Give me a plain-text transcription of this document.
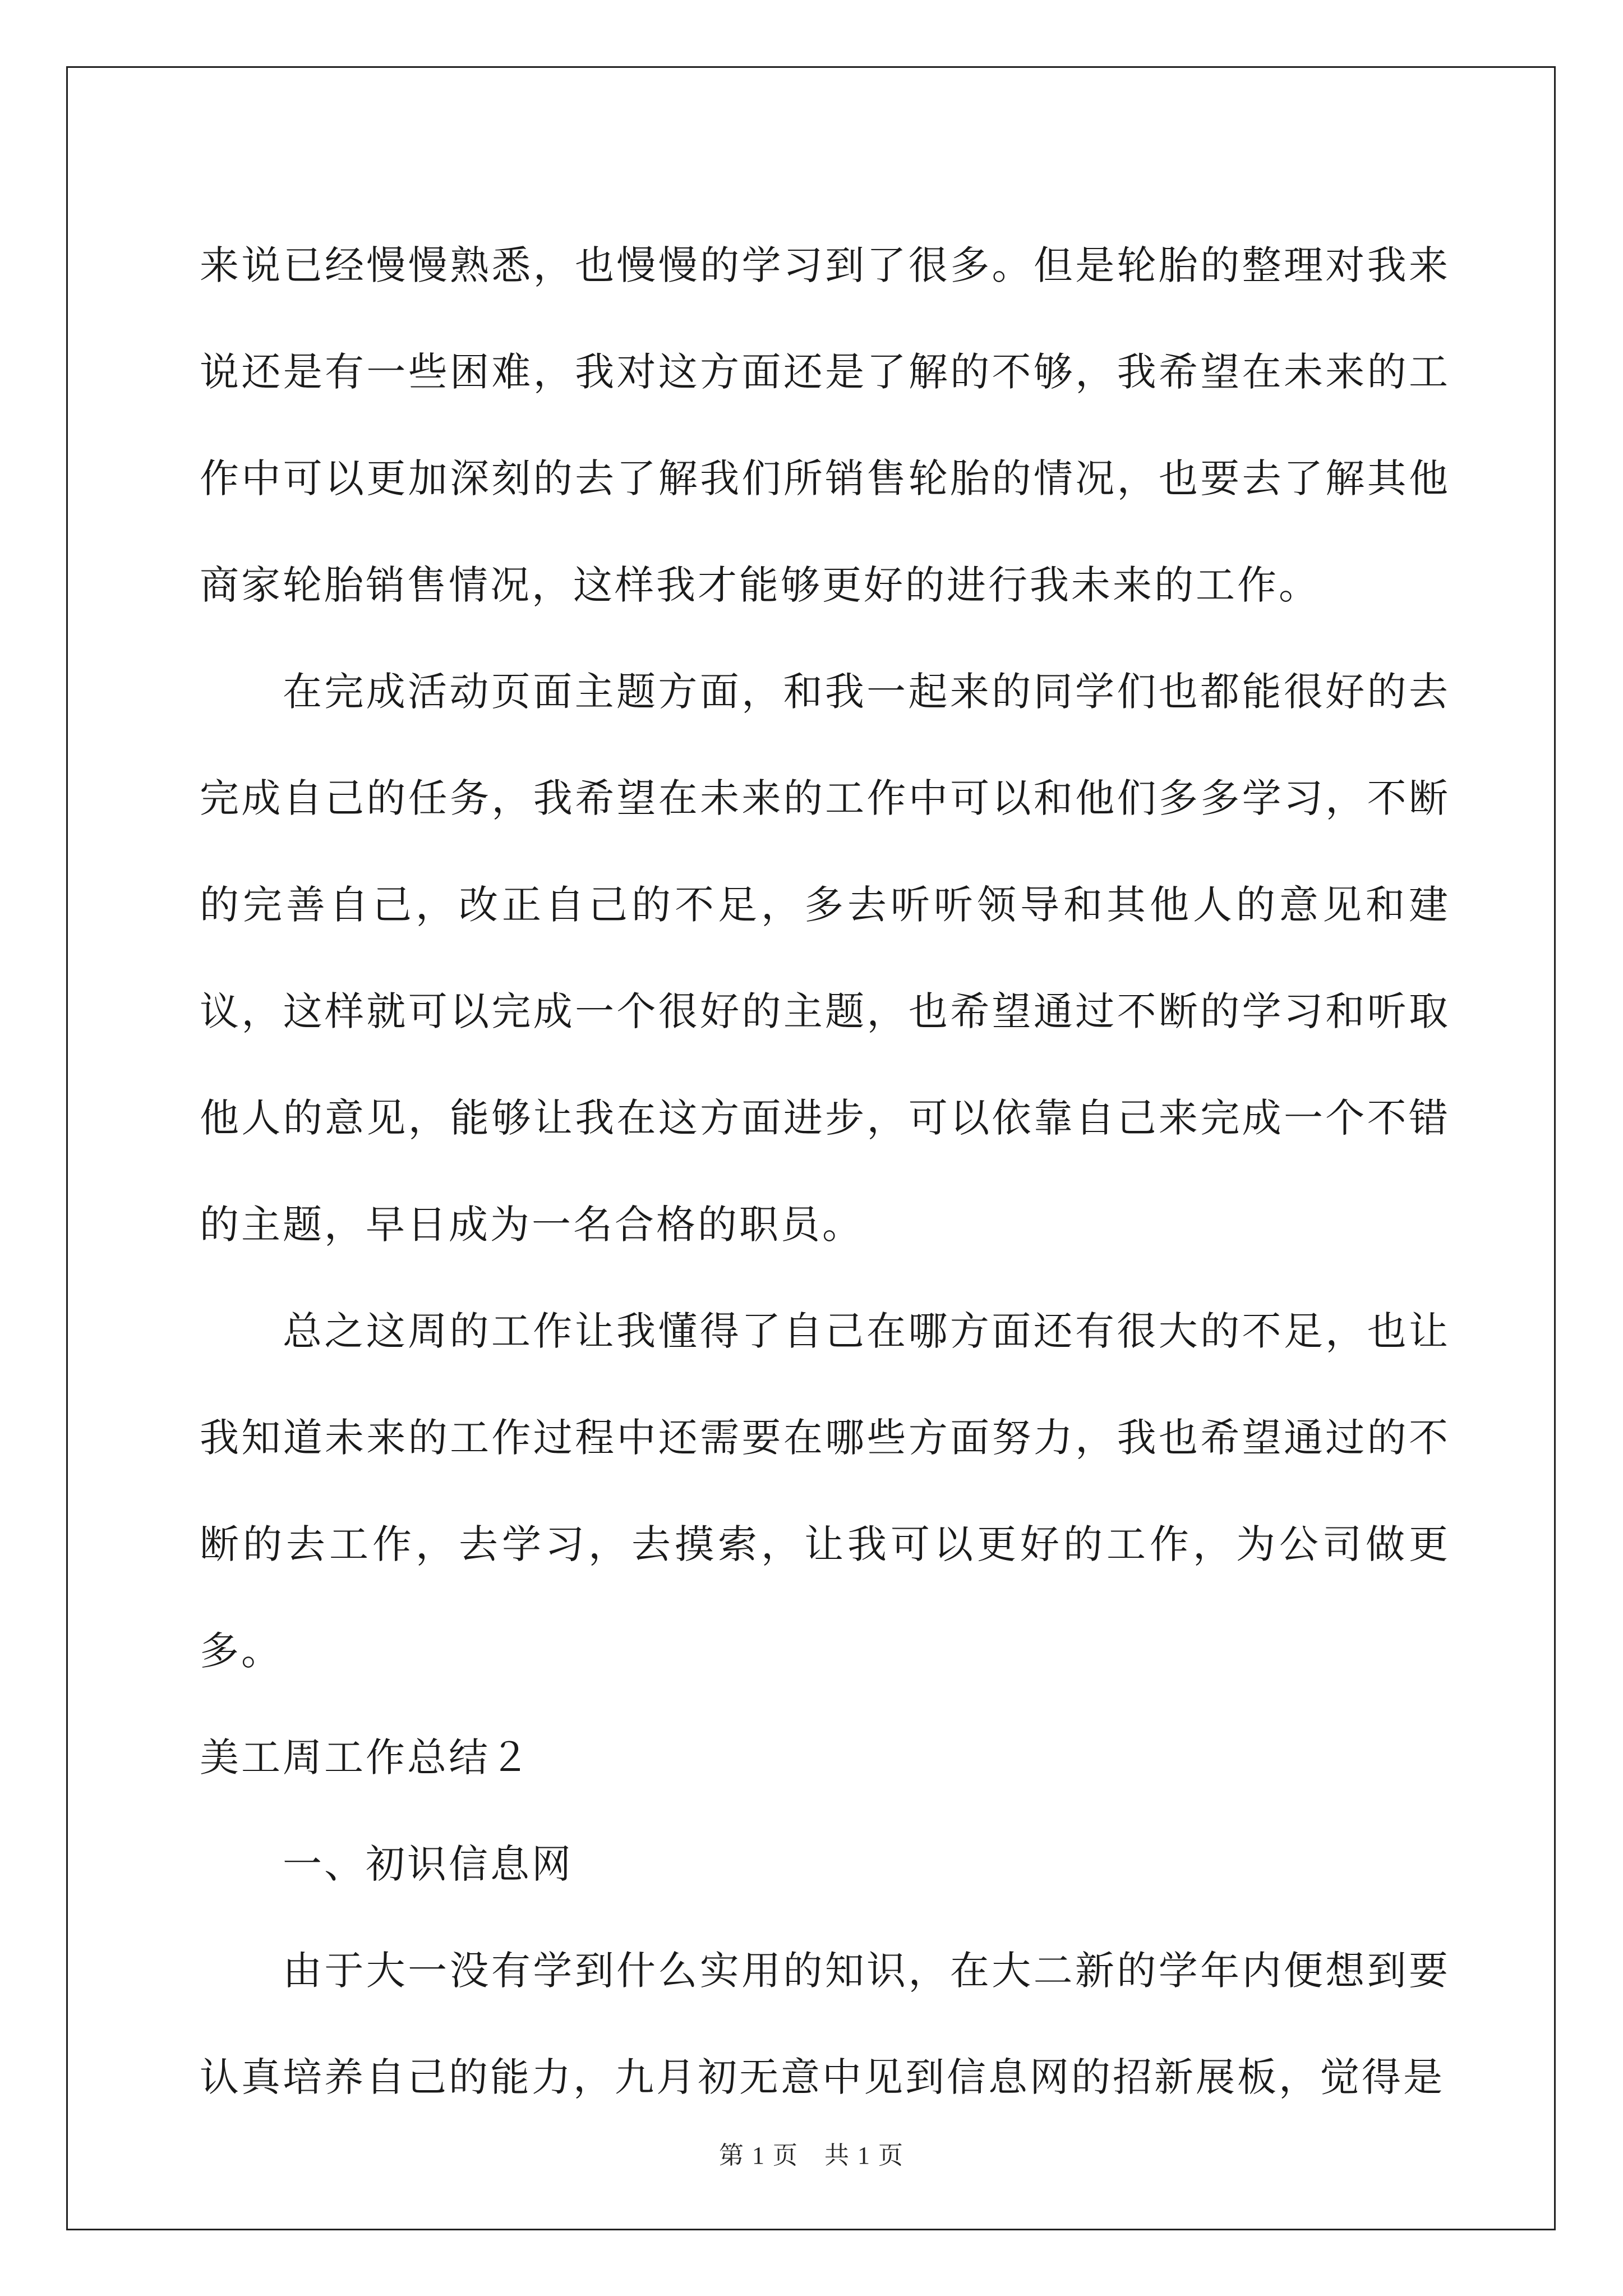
来说已经慢慢熟悉，也慢慢的学习到了很多。但是轮胎的整理对我来说还是有一些困难，我对这方面还是了解的不够，我希望在未来的工作中可以更加深刻的去了解我们所销售轮胎的情况，也要去了解其他商家轮胎销售情况，这样我才能够更好的进行我未来的工作。

在完成活动页面主题方面，和我一起来的同学们也都能很好的去完成自己的任务，我希望在未来的工作中可以和他们多多学习，不断的完善自己，改正自己的不足，多去听听领导和其他人的意见和建议，这样就可以完成一个很好的主题，也希望通过不断的学习和听取他人的意见，能够让我在这方面进步，可以依靠自己来完成一个不错的主题，早日成为一名合格的职员。

总之这周的工作让我懂得了自己在哪方面还有很大的不足，也让我知道未来的工作过程中还需要在哪些方面努力，我也希望通过的不断的去工作，去学习，去摸索，让我可以更好的工作，为公司做更多。

美工周工作总结２

一、初识信息网

由于大一没有学到什么实用的知识，在大二新的学年内便想到要认真培养自己的能力，九月初无意中见到信息网的招新展板，觉得是

第 1 页　共 1 页
